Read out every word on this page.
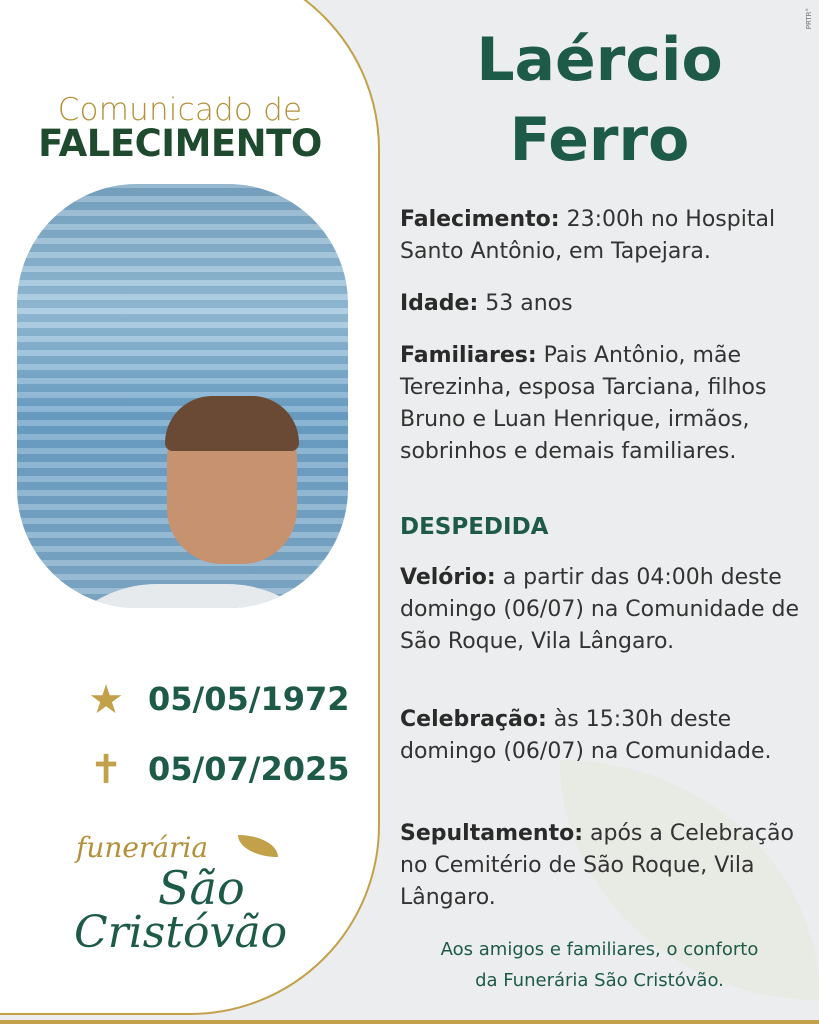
PRTR°
Comunicado de
FALECIMENTO
★ 05/05/1972
✝ 05/07/2025
funerária
São
Cristóvão
Laércio
Ferro
Falecimento: 23:00h no Hospital Santo Antônio, em Tapejara.
Idade: 53 anos
Familiares: Pais Antônio, mãe Terezinha, esposa Tarciana, filhos Bruno e Luan Henrique, irmãos, sobrinhos e demais familiares.
DESPEDIDA
Velório: a partir das 04:00h deste domingo (06/07) na Comunidade de São Roque, Vila Lângaro.
Celebração: às 15:30h deste domingo (06/07) na Comunidade.
Sepultamento: após a Celebração no Cemitério de São Roque, Vila Lângaro.
Aos amigos e familiares, o conforto
da Funerária São Cristóvão.
